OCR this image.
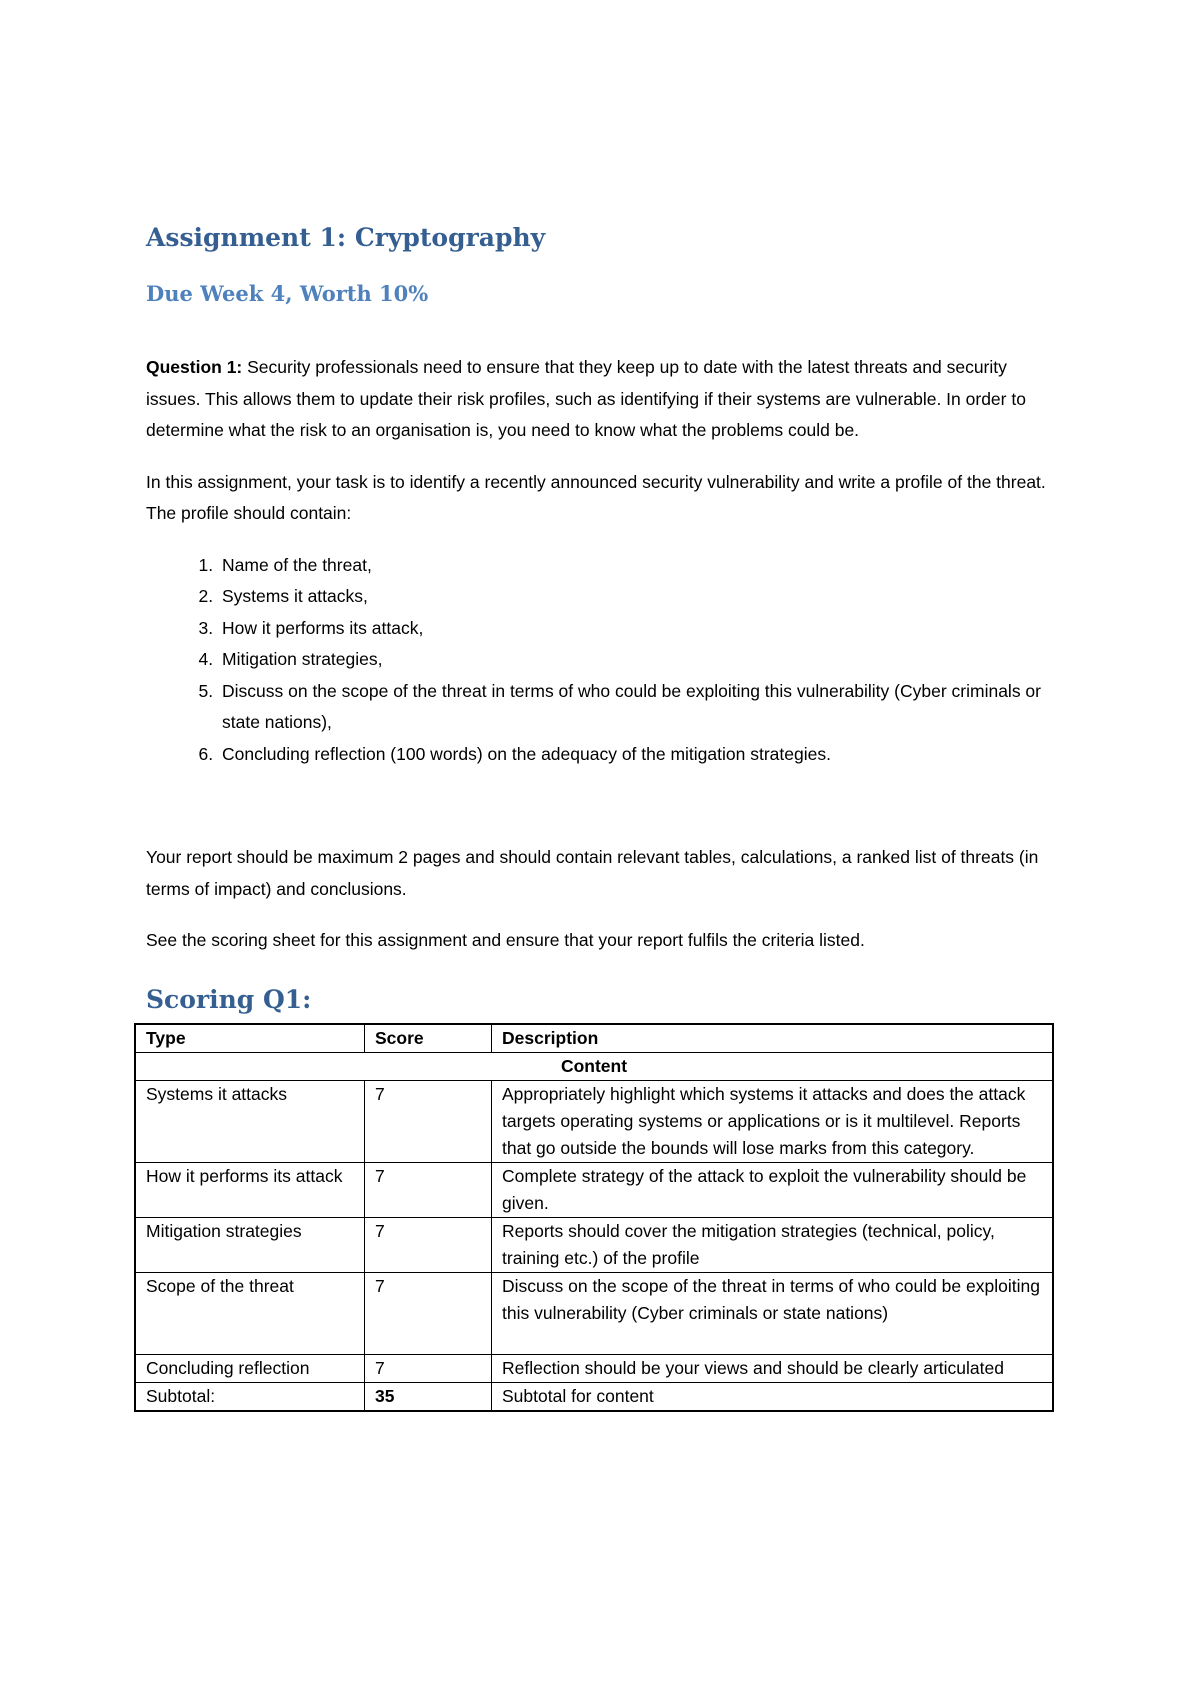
Assignment 1: Cryptography
Due Week 4, Worth 10%

Question 1: Security professionals need to ensure that they keep up to date with the latest threats and security issues. This allows them to update their risk profiles, such as identifying if their systems are vulnerable. In order to determine what the risk to an organisation is, you need to know what the problems could be.

In this assignment, your task is to identify a recently announced security vulnerability and write a profile of the threat. The profile should contain:

1. Name of the threat,
2. Systems it attacks,
3. How it performs its attack,
4. Mitigation strategies,
5. Discuss on the scope of the threat in terms of who could be exploiting this vulnerability (Cyber criminals or state nations),
6. Concluding reflection (100 words) on the adequacy of the mitigation strategies.

Your report should be maximum 2 pages and should contain relevant tables, calculations, a ranked list of threats (in terms of impact) and conclusions.

See the scoring sheet for this assignment and ensure that your report fulfils the criteria listed.

Scoring Q1:
Type	Score	Description
Content		
Systems it attacks	7	Appropriately highlight which systems it attacks and does the attack targets operating systems or applications or is it multilevel. Reports that go outside the bounds will lose marks from this category.
How it performs its attack	7	Complete strategy of the attack to exploit the vulnerability should be given.
Mitigation strategies	7	Reports should cover the mitigation strategies (technical, policy, training etc.) of the profile
Scope of the threat	7	Discuss on the scope of the threat in terms of who could be exploiting this vulnerability (Cyber criminals or state nations)
Concluding reflection	7	Reflection should be your views and should be clearly articulated
Subtotal:	35	Subtotal for content
